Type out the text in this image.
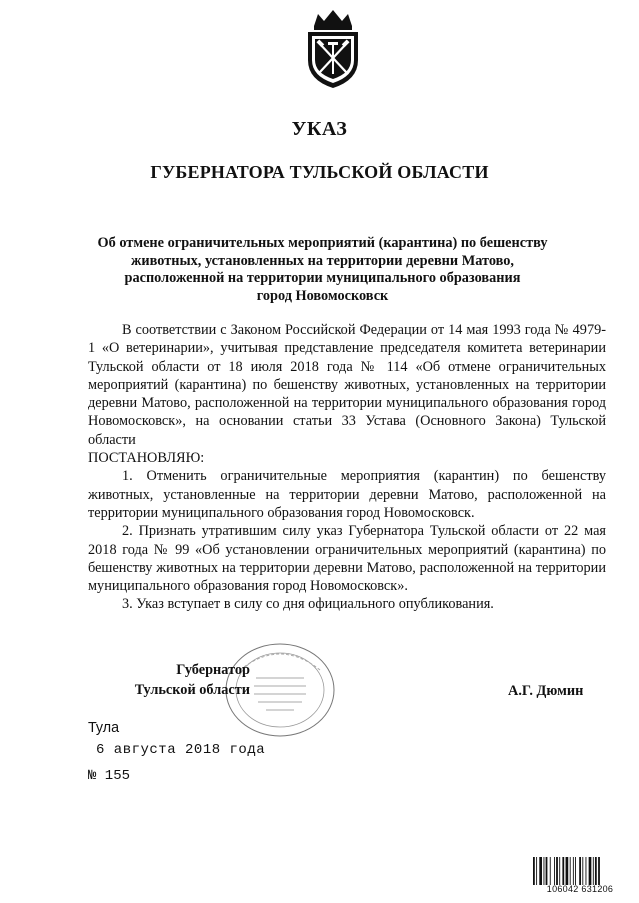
УКАЗ
ГУБЕРНАТОРА ТУЛЬСКОЙ ОБЛАСТИ
Об отмене ограничительных мероприятий (карантина) по бешенству
животных, установленных на территории деревни Матово,
расположенной на территории муниципального образования
город Новомосковск

В соответствии с Законом Российской Федерации от 14 мая 1993 года № 4979-1 «О ветеринарии», учитывая представление председателя комитета ветеринарии Тульской области от 18 июля 2018 года № 114 «Об отмене ограничительных мероприятий (карантина) по бешенству животных, установленных на территории деревни Матово, расположенной на территории муниципального образования город Новомосковск», на основании статьи 33 Устава (Основного Закона) Тульской области

ПОСТАНОВЛЯЮ:

1. Отменить ограничительные мероприятия (карантин) по бешенству животных, установленные на территории деревни Матово, расположенной на территории муниципального образования город Новомосковск.

2. Признать утратившим силу указ Губернатора Тульской области от 22 мая 2018 года № 99 «Об установлении ограничительных мероприятий (карантина) по бешенству животных на территории деревни Матово, расположенной на территории муниципального образования город Новомосковск».

3. Указ вступает в силу со дня официального опубликования.

Губернатор
Тульской области	А.Г. Дюмин
Тула
6 августа 2018 года
№ 155
106042 631206
